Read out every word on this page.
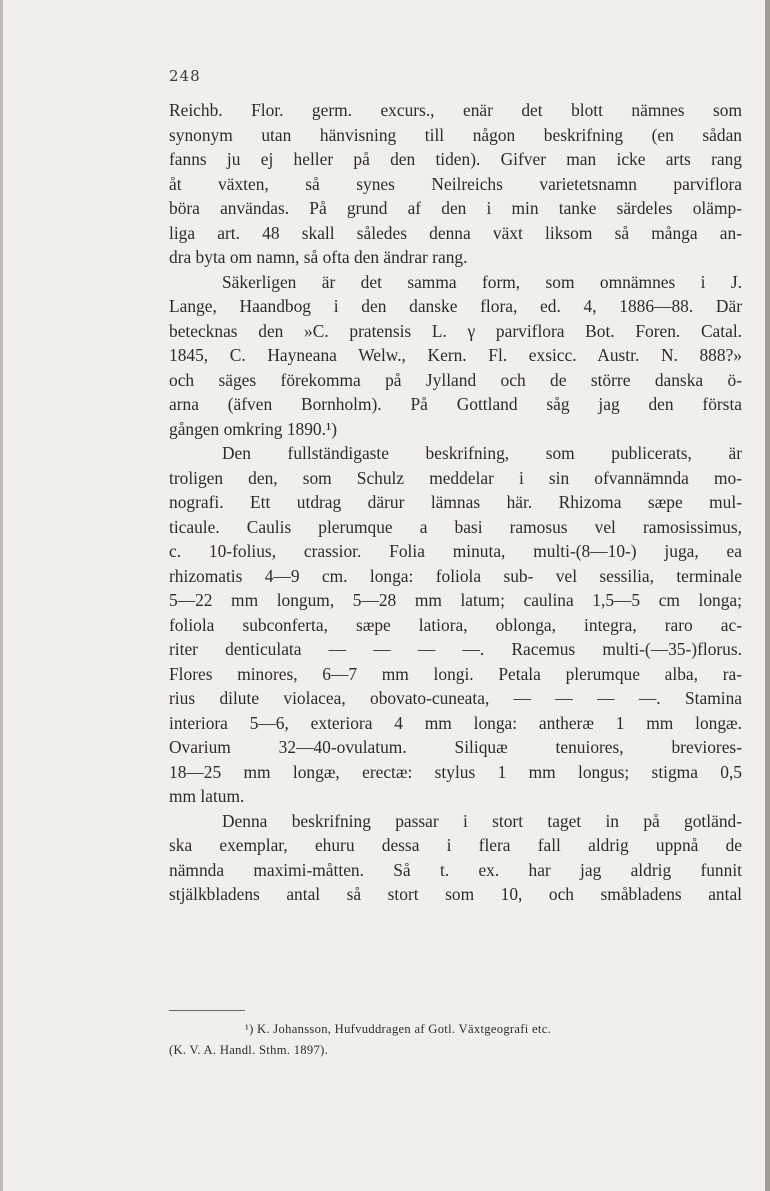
248
Reichb. Flor. germ. excurs., enär det blott nämnes som
synonym utan hänvisning till någon beskrifning (en sådan
fanns ju ej heller på den tiden). Gifver man icke arts rang
åt växten, så synes Neilreichs varietetsnamn parviflora
böra användas. På grund af den i min tanke särdeles olämp-
liga art. 48 skall således denna växt liksom så många an-
dra byta om namn, så ofta den ändrar rang.
Säkerligen är det samma form, som omnämnes i J.
Lange, Haandbog i den danske flora, ed. 4, 1886—88. Där
betecknas den »C. pratensis L. γ parviflora Bot. Foren. Catal.
1845, C. Hayneana Welw., Kern. Fl. exsicc. Austr. N. 888?»
och säges förekomma på Jylland och de större danska ö-
arna (äfven Bornholm). På Gottland såg jag den första
gången omkring 1890.¹)
Den fullständigaste beskrifning, som publicerats, är
troligen den, som Schulz meddelar i sin ofvannämnda mo-
nografi. Ett utdrag därur lämnas här. Rhizoma sæpe mul-
ticaule. Caulis plerumque a basi ramosus vel ramosissimus,
c. 10-folius, crassior. Folia minuta, multi-(8—10-) juga, ea
rhizomatis 4—9 cm. longa: foliola sub- vel sessilia, terminale
5—22 mm longum, 5—28 mm latum; caulina 1,5—5 cm longa;
foliola subconferta, sæpe latiora, oblonga, integra, raro ac-
riter denticulata — — — —. Racemus multi-(—35-)florus.
Flores minores, 6—7 mm longi. Petala plerumque alba, ra-
rius dilute violacea, obovato-cuneata, — — — —. Stamina
interiora 5—6, exteriora 4 mm longa: antheræ 1 mm longæ.
Ovarium 32—40-ovulatum. Siliquæ tenuiores, breviores-
18—25 mm longæ, erectæ: stylus 1 mm longus; stigma 0,5
mm latum.
Denna beskrifning passar i stort taget in på gotländ-
ska exemplar, ehuru dessa i flera fall aldrig uppnå de
nämnda maximi-måtten. Så t. ex. har jag aldrig funnit
stjälkbladens antal så stort som 10, och småbladens antal
¹) K. Johansson, Hufvuddragen af Gotl. Växtgeografi etc.
(K. V. A. Handl. Sthm. 1897).
